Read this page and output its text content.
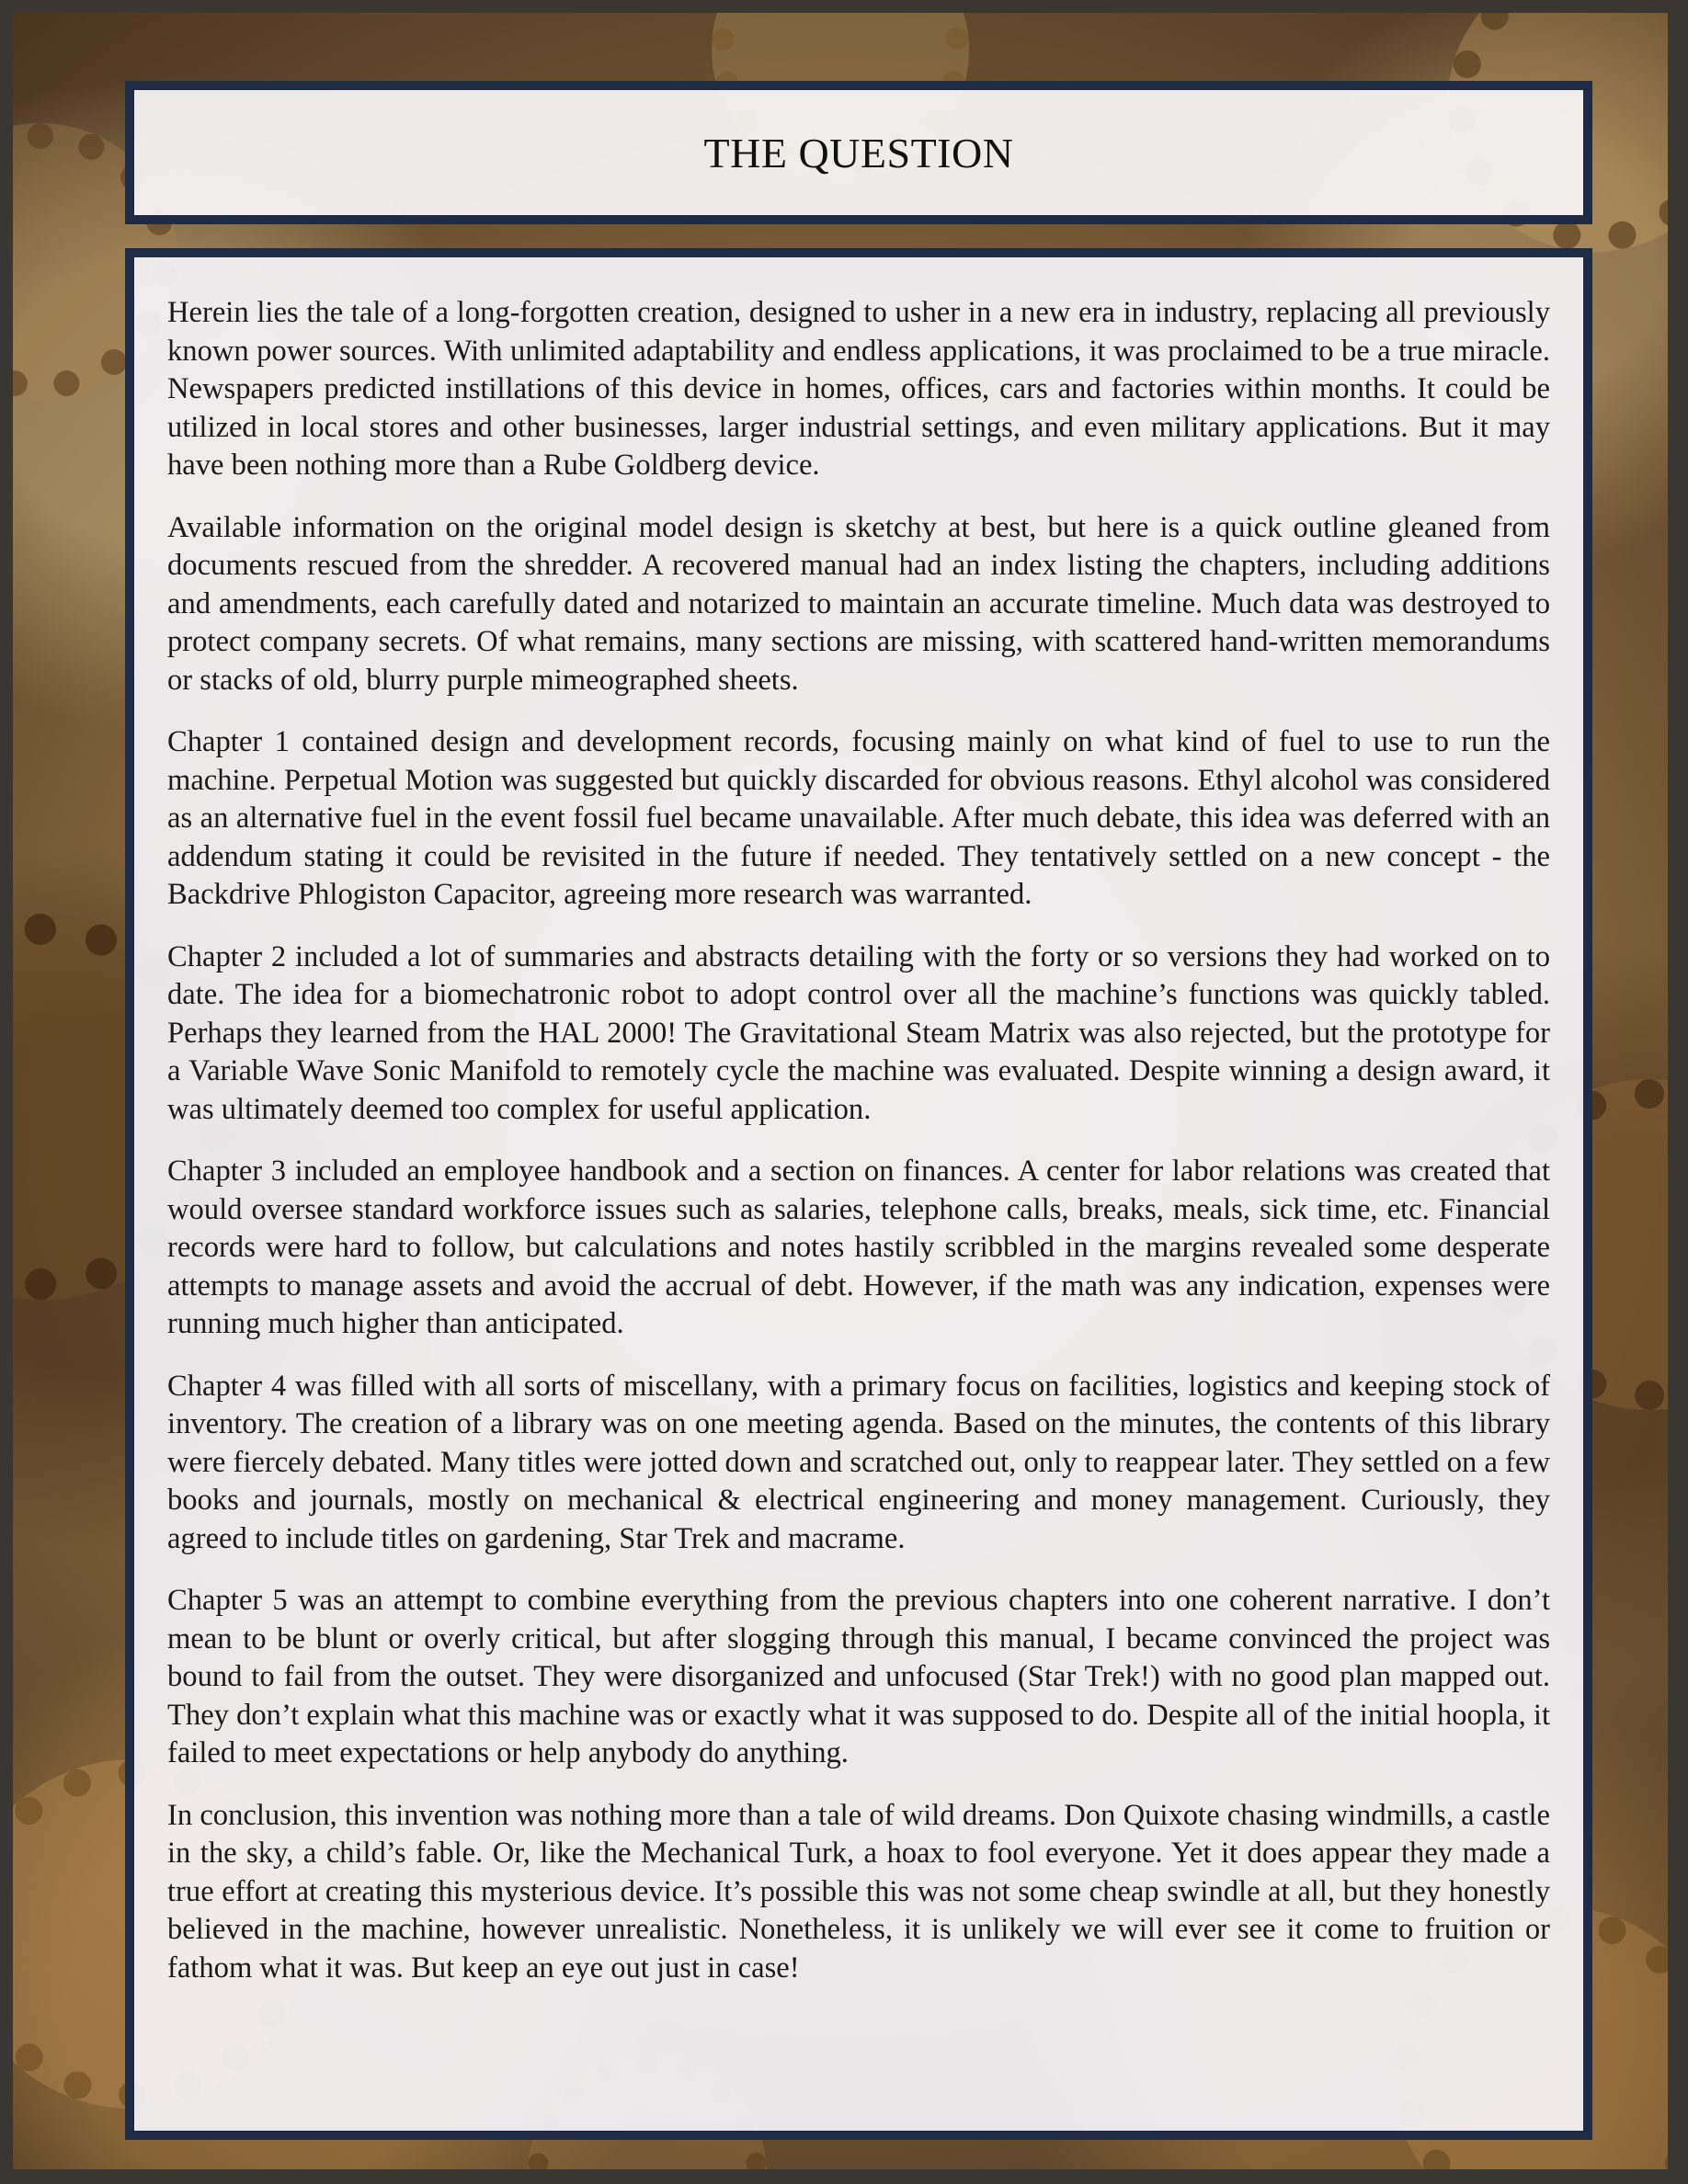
THE QUESTION

Herein lies the tale of a long-forgotten creation, designed to usher in a new era in industry, replacing all previously known power sources. With unlimited adaptability and endless applications, it was proclaimed to be a true miracle. Newspapers predicted instillations of this device in homes, offices, cars and factories within months. It could be utilized in local stores and other businesses, larger industrial settings, and even military applications. But it may have been nothing more than a Rube Goldberg device.

Available information on the original model design is sketchy at best, but here is a quick outline gleaned from documents rescued from the shredder. A recovered manual had an index listing the chapters, including additions and amendments, each carefully dated and notarized to maintain an accurate timeline. Much data was destroyed to protect company secrets. Of what remains, many sections are missing, with scattered hand-written memorandums or stacks of old, blurry purple mimeographed sheets.

Chapter 1 contained design and development records, focusing mainly on what kind of fuel to use to run the machine. Perpetual Motion was suggested but quickly discarded for obvious reasons. Ethyl alcohol was considered as an alternative fuel in the event fossil fuel became unavailable. After much debate, this idea was deferred with an addendum stating it could be revisited in the future if needed. They tentatively settled on a new concept - the Backdrive Phlogiston Capacitor, agreeing more research was warranted.

Chapter 2 included a lot of summaries and abstracts detailing with the forty or so versions they had worked on to date. The idea for a biomechatronic robot to adopt control over all the machine’s functions was quickly tabled. Perhaps they learned from the HAL 2000! The Gravitational Steam Matrix was also rejected, but the prototype for a Variable Wave Sonic Manifold to remotely cycle the machine was evaluated. Despite winning a design award, it was ultimately deemed too complex for useful application.

Chapter 3 included an employee handbook and a section on finances. A center for labor relations was created that would oversee standard workforce issues such as salaries, telephone calls, breaks, meals, sick time, etc. Financial records were hard to follow, but calculations and notes hastily scribbled in the margins revealed some desperate attempts to manage assets and avoid the accrual of debt. However, if the math was any indication, expenses were running much higher than anticipated.

Chapter 4 was filled with all sorts of miscellany, with a primary focus on facilities, logistics and keeping stock of inventory. The creation of a library was on one meeting agenda. Based on the minutes, the contents of this library were fiercely debated. Many titles were jotted down and scratched out, only to reappear later. They settled on a few books and journals, mostly on mechanical & electrical engineering and money management. Curiously, they agreed to include titles on gardening, Star Trek and macrame.

Chapter 5 was an attempt to combine everything from the previous chapters into one coherent narrative. I don’t mean to be blunt or overly critical, but after slogging through this manual, I became convinced the project was bound to fail from the outset. They were disorganized and unfocused (Star Trek!) with no good plan mapped out. They don’t explain what this machine was or exactly what it was supposed to do. Despite all of the initial hoopla, it failed to meet expectations or help anybody do anything.

In conclusion, this invention was nothing more than a tale of wild dreams. Don Quixote chasing windmills, a castle in the sky, a child’s fable. Or, like the Mechanical Turk, a hoax to fool everyone. Yet it does appear they made a true effort at creating this mysterious device. It’s possible this was not some cheap swindle at all, but they honestly believed in the machine, however unrealistic. Nonetheless, it is unlikely we will ever see it come to fruition or fathom what it was. But keep an eye out just in case!
